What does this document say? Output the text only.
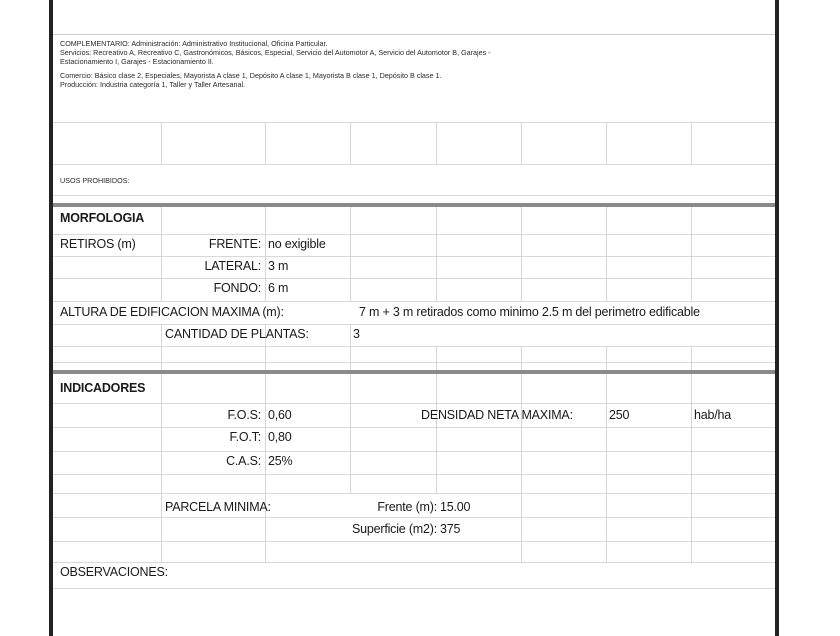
COMPLEMENTARIO: Administración: Administrativo Institucional, Oficina Particular.
Servicios: Recreativo A, Recreativo C, Gastronómicos, Básicos, Especial, Servicio del Automotor A, Servicio del Automotor B, Garajes -
Estacionamiento I, Garajes - Estacionamiento II.
Comercio: Básico clase 2, Especiales, Mayorista A clase 1, Depósito A clase 1, Mayorista B clase 1, Depósito B clase 1.
Producción: Industria categoría 1, Taller y Taller Artesanal.
USOS PROHIBIDOS:
MORFOLOGIA
RETIROS (m)	FRENTE: no exigible
LATERAL: 3 m
FONDO: 6 m
ALTURA DE EDIFICACION MAXIMA (m):	7 m + 3 m retirados como minimo 2.5 m del perimetro edificable
CANTIDAD DE PLANTAS:	3
INDICADORES
F.O.S: 0,60	DENSIDAD NETA MAXIMA:	250	hab/ha
F.O.T: 0,80
C.A.S: 25%
PARCELA MINIMA:	Frente (m): 15.00
Superficie (m2): 375
OBSERVACIONES:
